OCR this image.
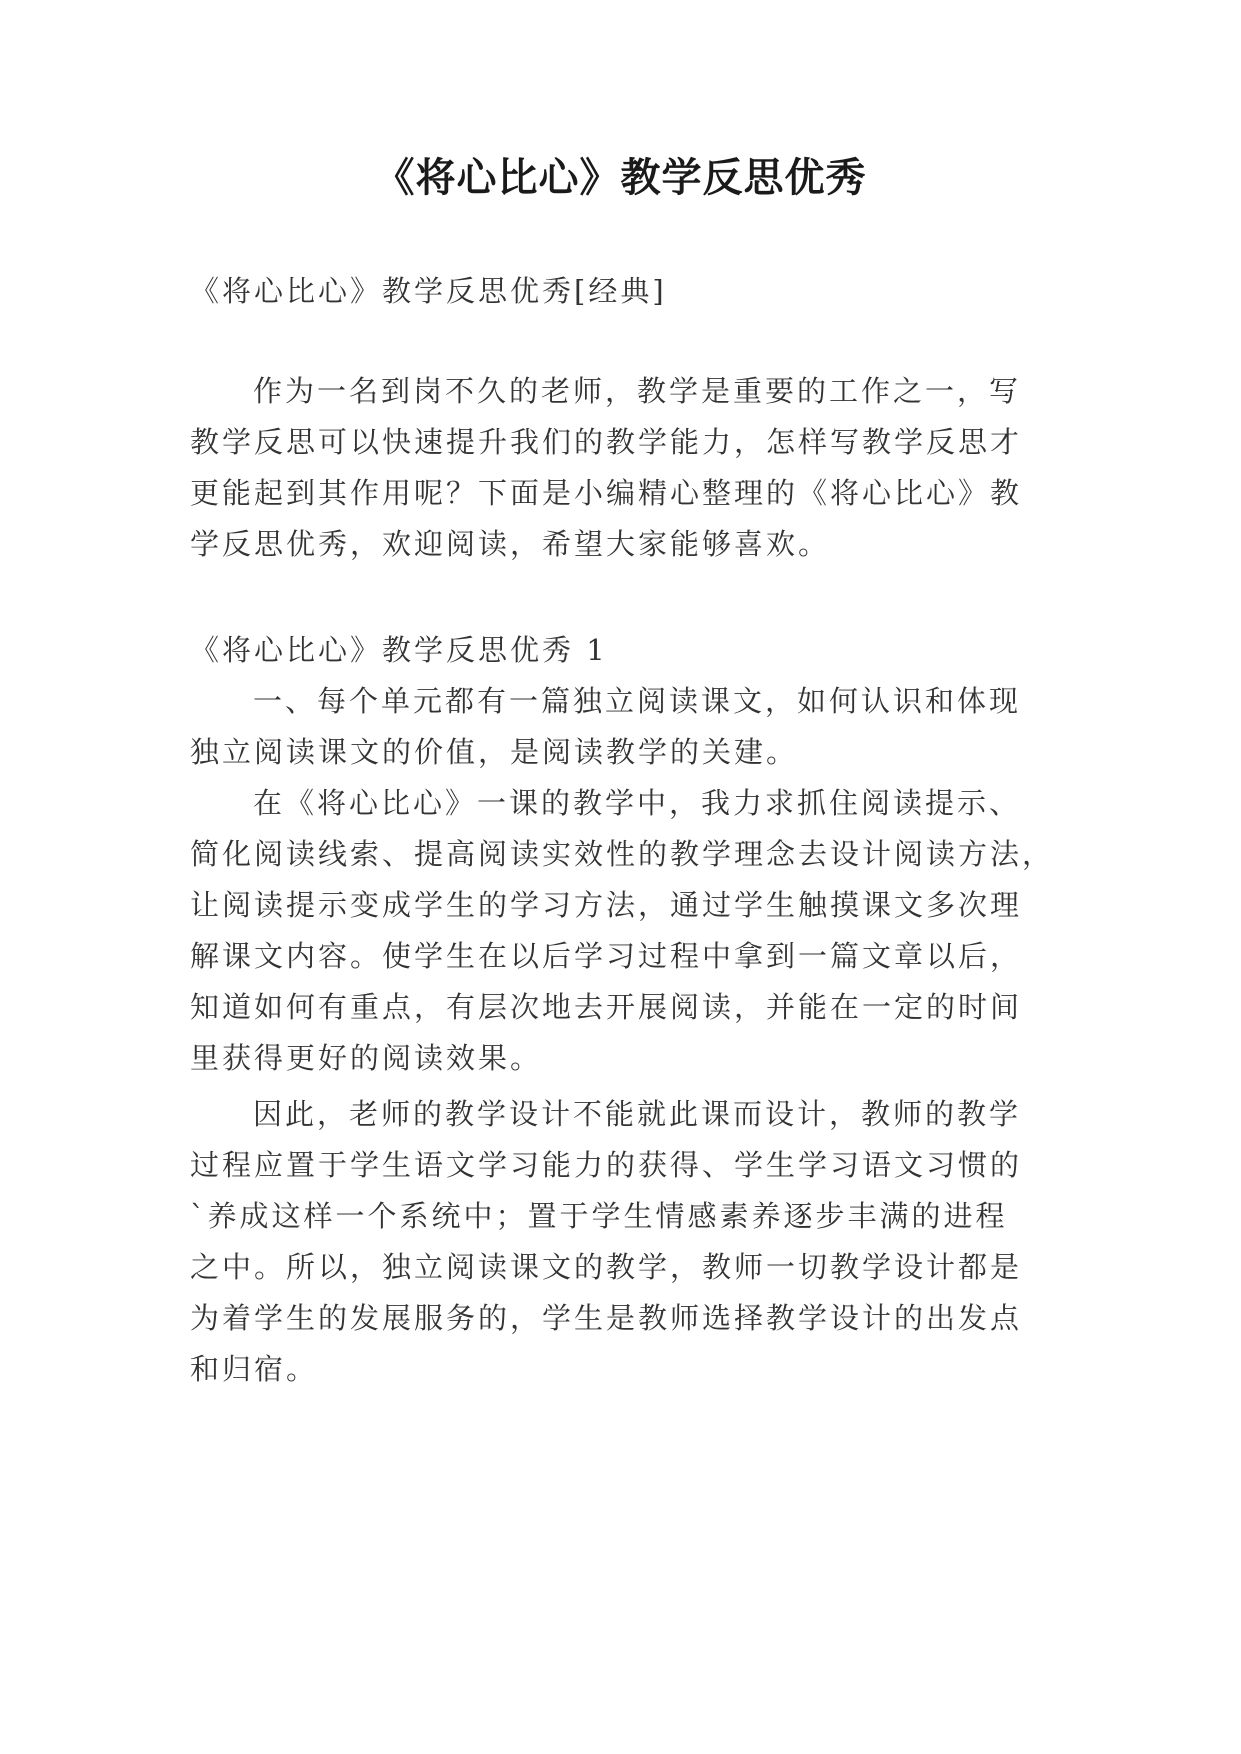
《将心比心》教学反思优秀
《将心比心》教学反思优秀[经典]
作为一名到岗不久的老师，教学是重要的工作之一，写
教学反思可以快速提升我们的教学能力，怎样写教学反思才
更能起到其作用呢？下面是小编精心整理的《将心比心》教
学反思优秀，欢迎阅读，希望大家能够喜欢。
《将心比心》教学反思优秀 1
一、每个单元都有一篇独立阅读课文，如何认识和体现
独立阅读课文的价值，是阅读教学的关建。
在《将心比心》一课的教学中，我力求抓住阅读提示、
简化阅读线索、提高阅读实效性的教学理念去设计阅读方法，
让阅读提示变成学生的学习方法，通过学生触摸课文多次理
解课文内容。使学生在以后学习过程中拿到一篇文章以后，
知道如何有重点，有层次地去开展阅读，并能在一定的时间
里获得更好的阅读效果。
因此，老师的教学设计不能就此课而设计，教师的教学
过程应置于学生语文学习能力的获得、学生学习语文习惯的
`养成这样一个系统中；置于学生情感素养逐步丰满的进程
之中。所以，独立阅读课文的教学，教师一切教学设计都是
为着学生的发展服务的，学生是教师选择教学设计的出发点
和归宿。
